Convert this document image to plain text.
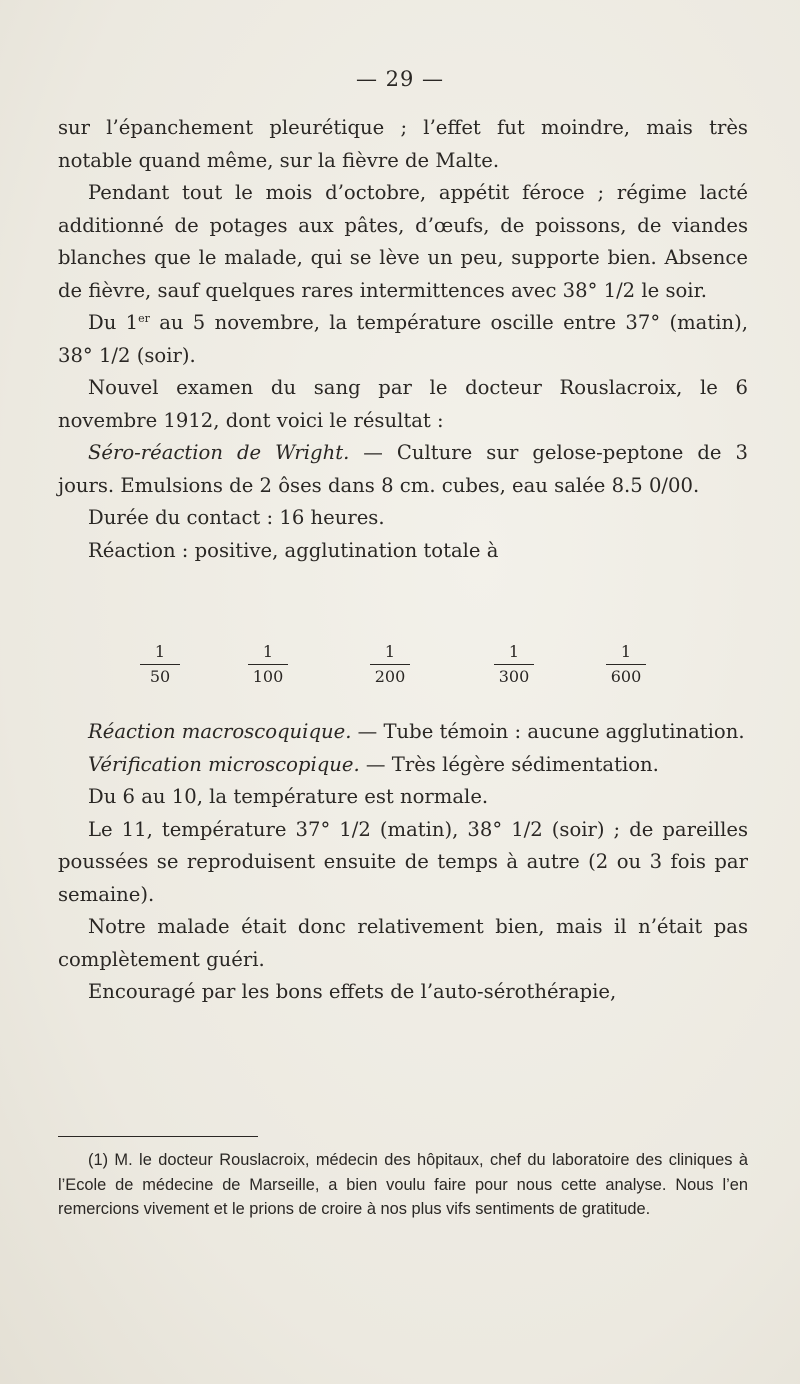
— 29 —

sur l’épanchement pleurétique ; l’effet fut moindre, mais très notable quand même, sur la fièvre de Malte.

Pendant tout le mois d’octobre, appétit féroce ; régime lacté additionné de potages aux pâtes, d’œufs, de poissons, de viandes blanches que le malade, qui se lève un peu, supporte bien. Absence de fièvre, sauf quelques rares intermittences avec 38° 1/2 le soir.

Du 1er au 5 novembre, la température oscille entre 37° (matin), 38° 1/2 (soir).

Nouvel examen du sang par le docteur Rouslacroix, le 6 novembre 1912, dont voici le résultat :

Séro-réaction de Wright. — Culture sur gelose-peptone de 3 jours. Emulsions de 2 ôses dans 8 cm. cubes, eau salée 8.5 0/00.

Durée du contact : 16 heures.

Réaction : positive, agglutination totale à

$\frac{1}{50}$	$\frac{1}{100}$	$\frac{1}{200}$	$\frac{1}{300}$	$\frac{1}{600}$

Réaction macroscoquique. — Tube témoin : aucune agglutination.

Vérification microscopique. — Très légère sédimentation.

Du 6 au 10, la température est normale.

Le 11, température 37° 1/2 (matin), 38° 1/2 (soir) ; de pareilles poussées se reproduisent ensuite de temps à autre (2 ou 3 fois par semaine).

Notre malade était donc relativement bien, mais il n’était pas complètement guéri.

Encouragé par les bons effets de l’auto-sérothérapie,

(1) M. le docteur Rouslacroix, médecin des hôpitaux, chef du laboratoire des cliniques à l’Ecole de médecine de Marseille, a bien voulu faire pour nous cette analyse. Nous l’en remercions vivement et le prions de croire à nos plus vifs sentiments de gratitude.
